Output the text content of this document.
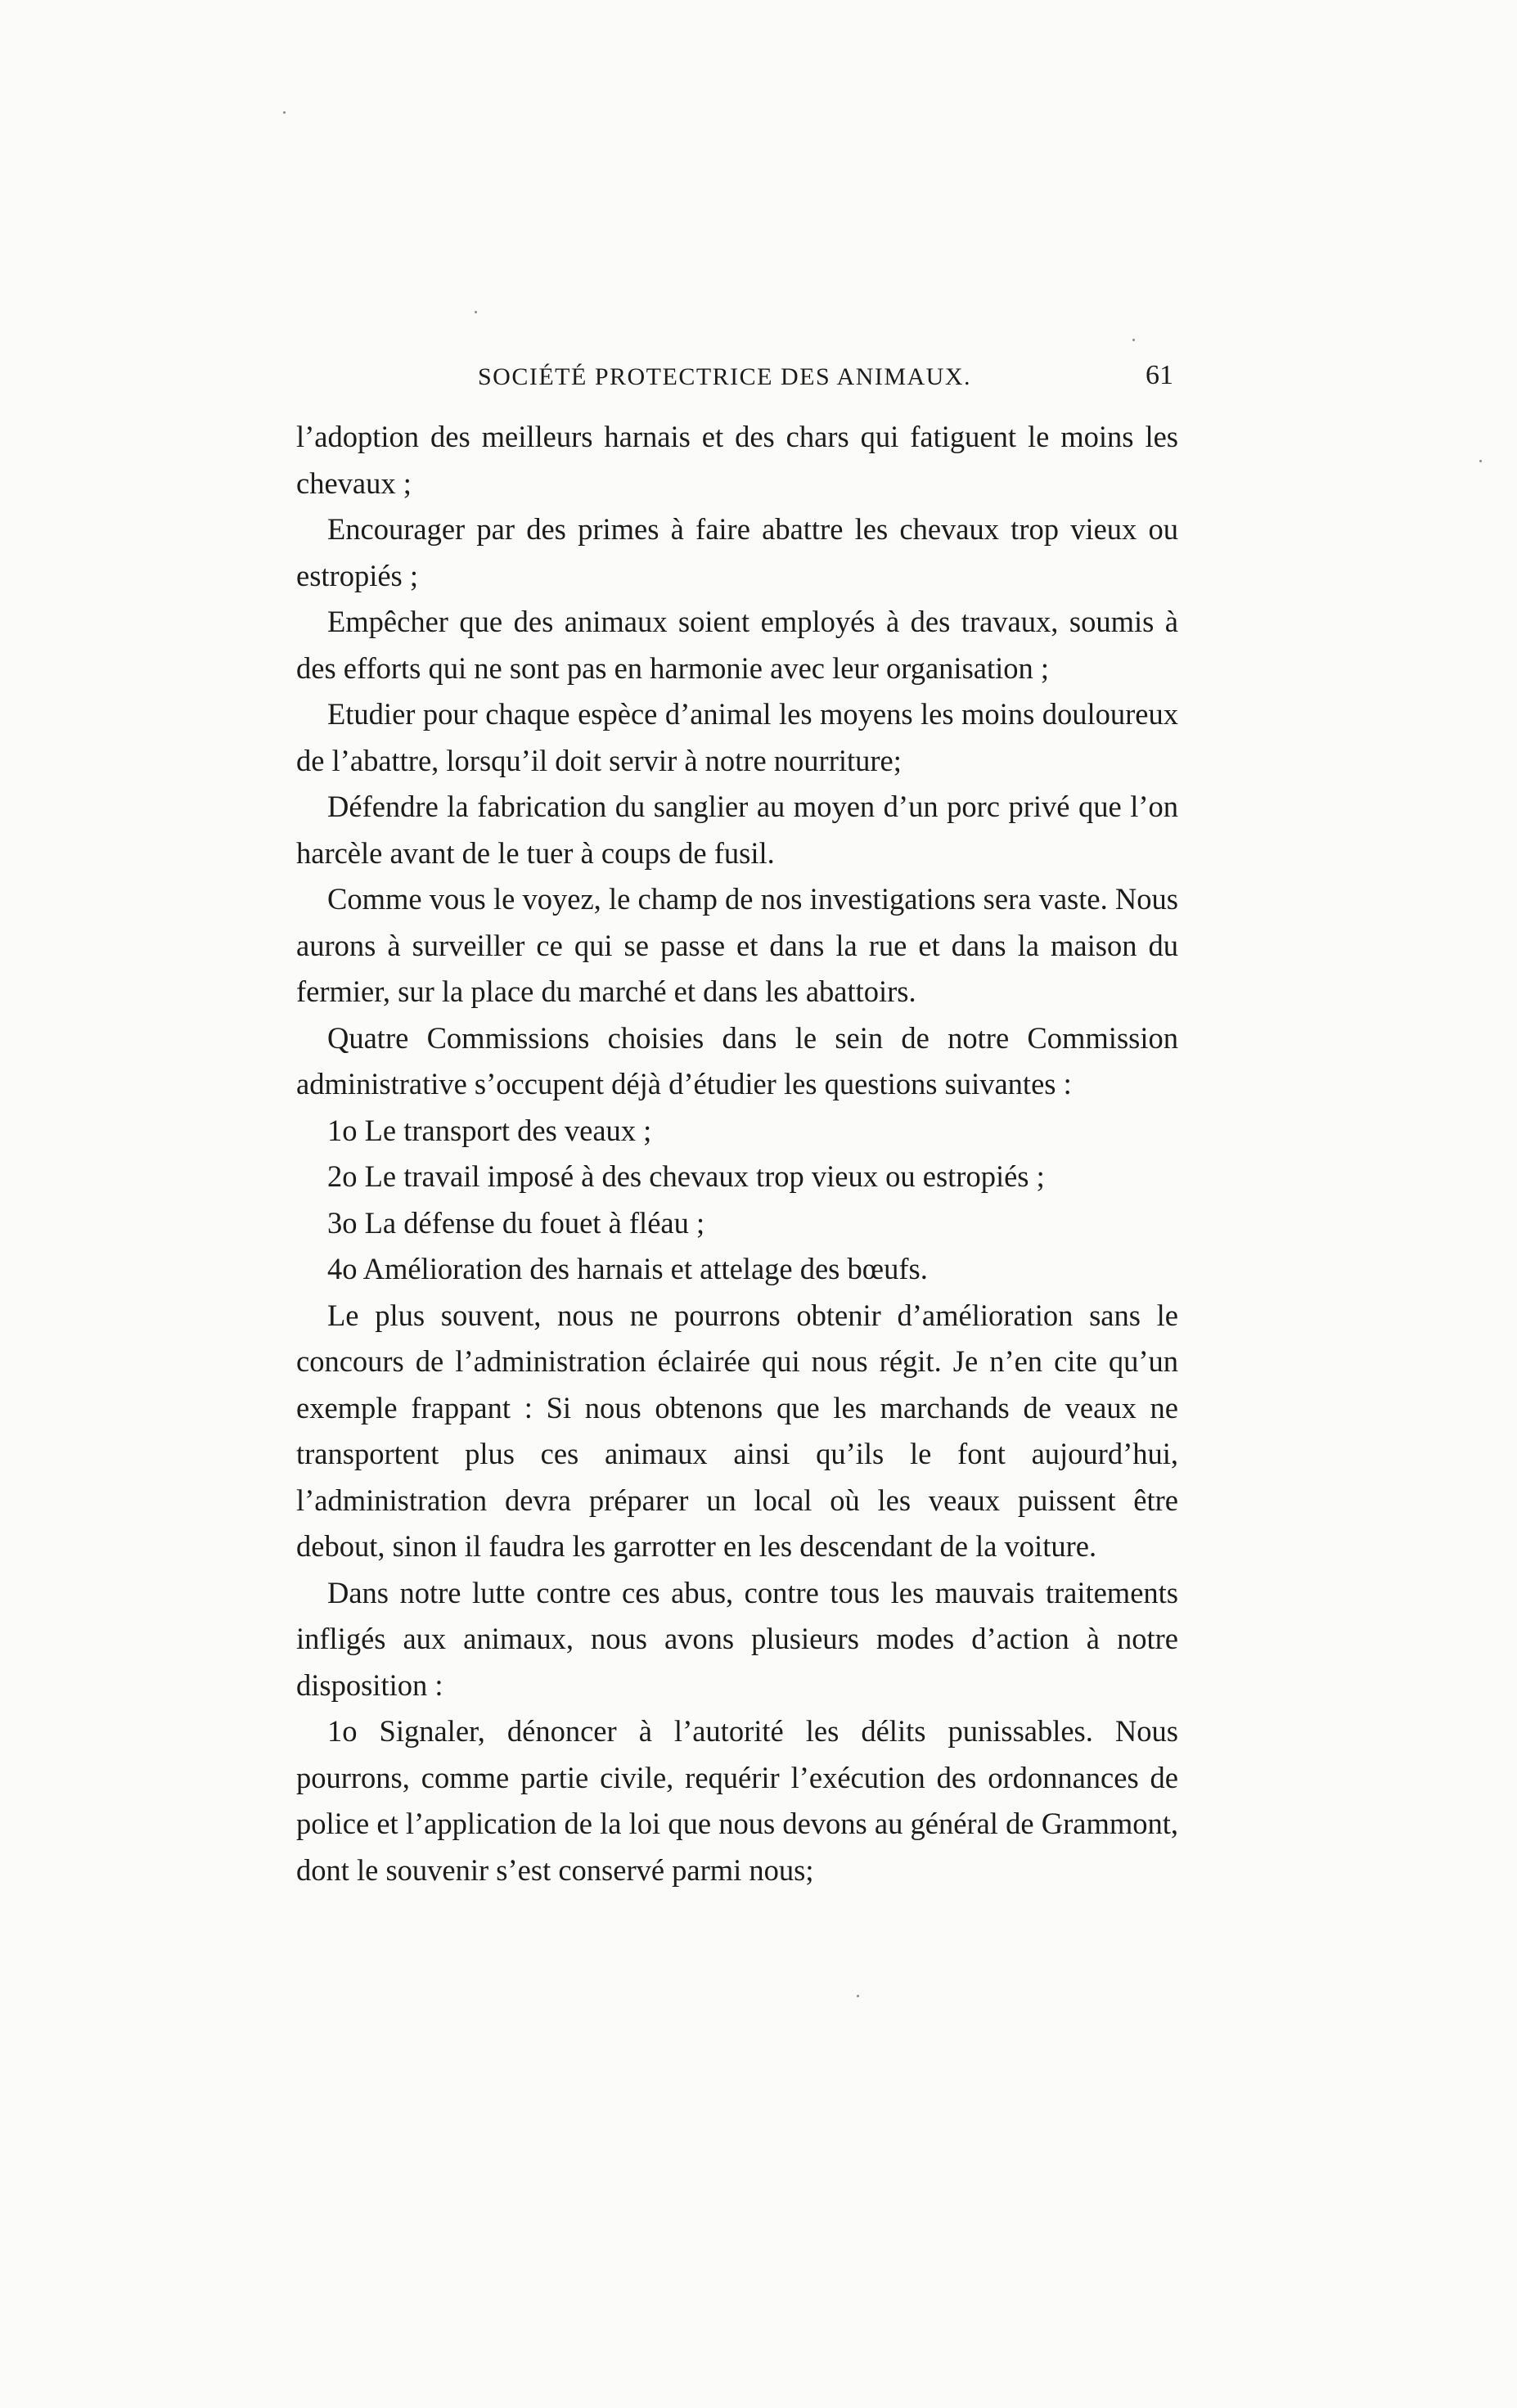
SOCIÉTÉ PROTECTRICE DES ANIMAUX.	61

l’adoption des meilleurs harnais et des chars qui fatiguent le moins les chevaux ;

Encourager par des primes à faire abattre les chevaux trop vieux ou estropiés ;

Empêcher que des animaux soient employés à des travaux, soumis à des efforts qui ne sont pas en harmonie avec leur organisation ;

Etudier pour chaque espèce d’animal les moyens les moins douloureux de l’abattre, lorsqu’il doit servir à notre nourriture;

Défendre la fabrication du sanglier au moyen d’un porc privé que l’on harcèle avant de le tuer à coups de fusil.

Comme vous le voyez, le champ de nos investigations sera vaste. Nous aurons à surveiller ce qui se passe et dans la rue et dans la maison du fermier, sur la place du marché et dans les abattoirs.

Quatre Commissions choisies dans le sein de notre Commission administrative s’occupent déjà d’étudier les questions suivantes :

1o Le transport des veaux ;

2o Le travail imposé à des chevaux trop vieux ou estropiés ;

3o La défense du fouet à fléau ;

4o Amélioration des harnais et attelage des bœufs.

Le plus souvent, nous ne pourrons obtenir d’amélioration sans le concours de l’administration éclairée qui nous régit. Je n’en cite qu’un exemple frappant : Si nous obtenons que les marchands de veaux ne transportent plus ces animaux ainsi qu’ils le font aujourd’hui, l’administration devra préparer un local où les veaux puissent être debout, sinon il faudra les garrotter en les descendant de la voiture.

Dans notre lutte contre ces abus, contre tous les mauvais traitements infligés aux animaux, nous avons plusieurs modes d’action à notre disposition :

1o Signaler, dénoncer à l’autorité les délits punissables. Nous pourrons, comme partie civile, requérir l’exécution des ordonnances de police et l’application de la loi que nous devons au général de Grammont, dont le souvenir s’est conservé parmi nous;
